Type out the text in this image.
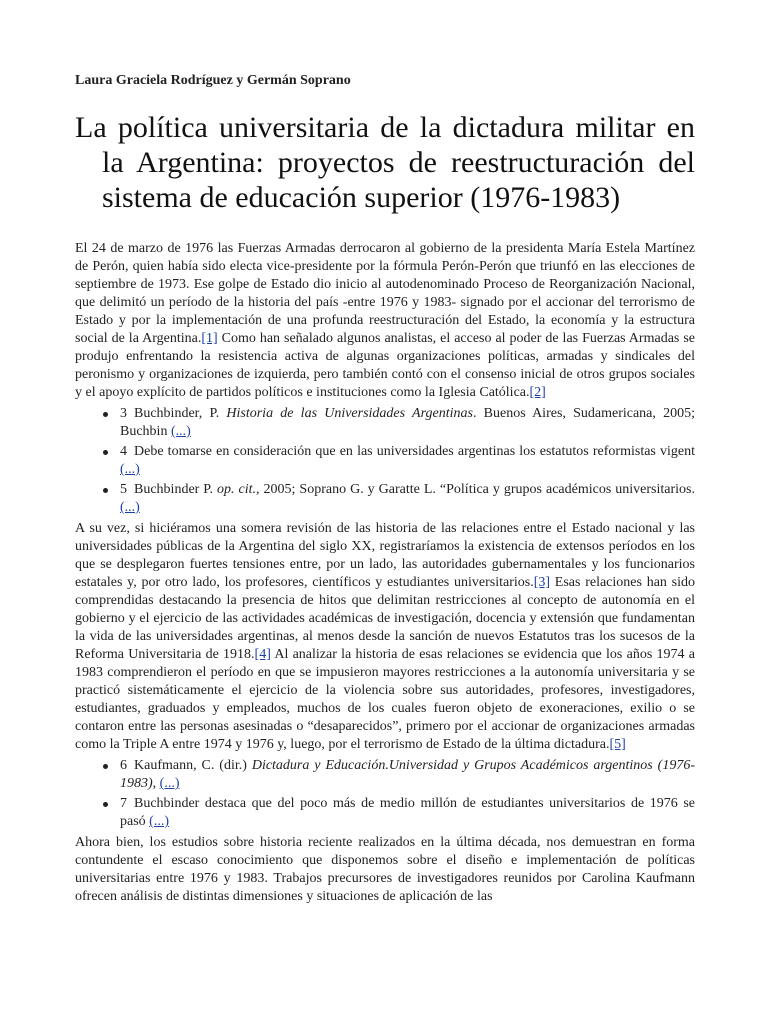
Laura Graciela Rodríguez y Germán Soprano
La política universitaria de la dictadura militar en la Argentina: proyectos de reestructuración del sistema de educación superior (1976-1983)

El 24 de marzo de 1976 las Fuerzas Armadas derrocaron al gobierno de la presidenta María Estela Martínez de Perón, quien había sido electa vice-presidente por la fórmula Perón-Perón que triunfó en las elecciones de septiembre de 1973. Ese golpe de Estado dio inicio al autodenominado Proceso de Reorganización Nacional, que delimitó un período de la historia del país -entre 1976 y 1983- signado por el accionar del terrorismo de Estado y por la implementación de una profunda reestructuración del Estado, la economía y la estructura social de la Argentina.[1] Como han señalado algunos analistas, el acceso al poder de las Fuerzas Armadas se produjo enfrentando la resistencia activa de algunas organizaciones políticas, armadas y sindicales del peronismo y organizaciones de izquierda, pero también contó con el consenso inicial de otros grupos sociales y el apoyo explícito de partidos políticos e instituciones como la Iglesia Católica.[2]

3 Buchbinder, P. Historia de las Universidades Argentinas. Buenos Aires, Sudamericana, 2005; Buchbin (...)
4 Debe tomarse en consideración que en las universidades argentinas los estatutos reformistas vigent (...)
5 Buchbinder P. op. cit., 2005; Soprano G. y Garatte L. “Política y grupos académicos universitarios. (...)

A su vez, si hiciéramos una somera revisión de las historia de las relaciones entre el Estado nacional y las universidades públicas de la Argentina del siglo XX, registraríamos la existencia de extensos períodos en los que se desplegaron fuertes tensiones entre, por un lado, las autoridades gubernamentales y los funcionarios estatales y, por otro lado, los profesores, científicos y estudiantes universitarios.[3] Esas relaciones han sido comprendidas destacando la presencia de hitos que delimitan restricciones al concepto de autonomía en el gobierno y el ejercicio de las actividades académicas de investigación, docencia y extensión que fundamentan la vida de las universidades argentinas, al menos desde la sanción de nuevos Estatutos tras los sucesos de la Reforma Universitaria de 1918.[4] Al analizar la historia de esas relaciones se evidencia que los años 1974 a 1983 comprendieron el período en que se impusieron mayores restricciones a la autonomía universitaria y se practicó sistemáticamente el ejercicio de la violencia sobre sus autoridades, profesores, investigadores, estudiantes, graduados y empleados, muchos de los cuales fueron objeto de exoneraciones, exilio o se contaron entre las personas asesinadas o “desaparecidos”, primero por el accionar de organizaciones armadas como la Triple A entre 1974 y 1976 y, luego, por el terrorismo de Estado de la última dictadura.[5]

6 Kaufmann, C. (dir.) Dictadura y Educación.Universidad y Grupos Académicos argentinos (1976-1983), (...)
7 Buchbinder destaca que del poco más de medio millón de estudiantes universitarios de 1976 se pasó (...)

Ahora bien, los estudios sobre historia reciente realizados en la última década, nos demuestran en forma contundente el escaso conocimiento que disponemos sobre el diseño e implementación de políticas universitarias entre 1976 y 1983. Trabajos precursores de investigadores reunidos por Carolina Kaufmann ofrecen análisis de distintas dimensiones y situaciones de aplicación de las
